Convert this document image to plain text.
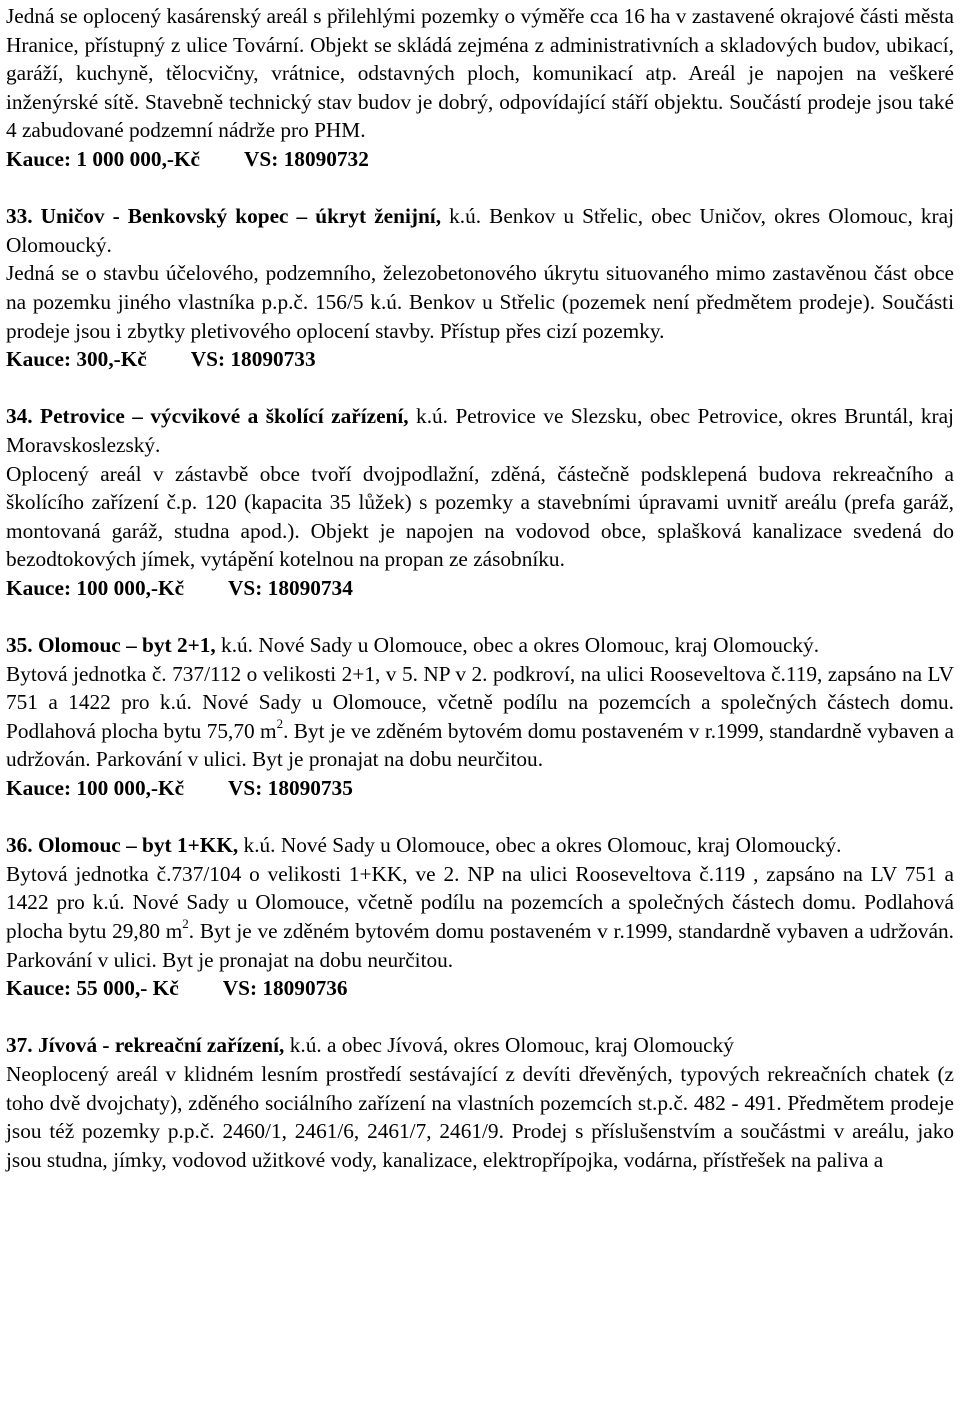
Jedná se oplocený kasárenský areál s přilehlými pozemky o výměře cca 16 ha v zastavené okrajové části města Hranice, přístupný z ulice Tovární. Objekt se skládá zejména z administrativních a skladových budov, ubikací, garáží, kuchyně, tělocvičny, vrátnice, odstavných ploch, komunikací atp. Areál je napojen na veškeré inženýrské sítě. Stavebně technický stav budov je dobrý, odpovídající stáří objektu. Součástí prodeje jsou také 4 zabudované podzemní nádrže pro PHM.

Kauce: 1 000 000,-Kč VS: 18090732

33. Uničov - Benkovský kopec – úkryt ženijní, k.ú. Benkov u Střelic, obec Uničov, okres Olomouc, kraj Olomoucký.

Jedná se o stavbu účelového, podzemního, železobetonového úkrytu situovaného mimo zastavěnou část obce na pozemku jiného vlastníka p.p.č. 156/5 k.ú. Benkov u Střelic (pozemek není předmětem prodeje). Součásti prodeje jsou i zbytky pletivového oplocení stavby. Přístup přes cizí pozemky.

Kauce: 300,-Kč VS: 18090733

34. Petrovice – výcvikové a školící zařízení, k.ú. Petrovice ve Slezsku, obec Petrovice, okres Bruntál, kraj Moravskoslezský.

Oplocený areál v zástavbě obce tvoří dvojpodlažní, zděná, částečně podsklepená budova rekreačního a školícího zařízení č.p. 120 (kapacita 35 lůžek) s pozemky a stavebními úpravami uvnitř areálu (prefa garáž, montovaná garáž, studna apod.). Objekt je napojen na vodovod obce, splašková kanalizace svedená do bezodtokových jímek, vytápění kotelnou na propan ze zásobníku.

Kauce: 100 000,-Kč VS: 18090734

35. Olomouc – byt 2+1, k.ú. Nové Sady u Olomouce, obec a okres Olomouc, kraj Olomoucký.

Bytová jednotka č. 737/112 o velikosti 2+1, v 5. NP v 2. podkroví, na ulici Rooseveltova č.119, zapsáno na LV 751 a 1422 pro k.ú. Nové Sady u Olomouce, včetně podílu na pozemcích a společných částech domu. Podlahová plocha bytu 75,70 $m^2$. Byt je ve zděném bytovém domu postaveném v r.1999, standardně vybaven a udržován. Parkování v ulici. Byt je pronajat na dobu neurčitou.

Kauce: 100 000,-Kč VS: 18090735

36. Olomouc – byt 1+KK, k.ú. Nové Sady u Olomouce, obec a okres Olomouc, kraj Olomoucký.

Bytová jednotka č.737/104 o velikosti 1+KK, ve 2. NP na ulici Rooseveltova č.119 , zapsáno na LV 751 a 1422 pro k.ú. Nové Sady u Olomouce, včetně podílu na pozemcích a společných částech domu. Podlahová plocha bytu 29,80 $m^2$. Byt je ve zděném bytovém domu postaveném v r.1999, standardně vybaven a udržován. Parkování v ulici. Byt je pronajat na dobu neurčitou.

Kauce: 55 000,- Kč VS: 18090736

37. Jívová - rekreační zařízení, k.ú. a obec Jívová, okres Olomouc, kraj Olomoucký

Neoplocený areál v klidném lesním prostředí sestávající z devíti dřevěných, typových rekreačních chatek (z toho dvě dvojchaty), zděného sociálního zařízení na vlastních pozemcích st.p.č. 482 - 491. Předmětem prodeje jsou též pozemky p.p.č. 2460/1, 2461/6, 2461/7, 2461/9. Prodej s příslušenstvím a součástmi v areálu, jako jsou studna, jímky, vodovod užitkové vody, kanalizace, elektropřípojka, vodárna, přístřešek na paliva a
